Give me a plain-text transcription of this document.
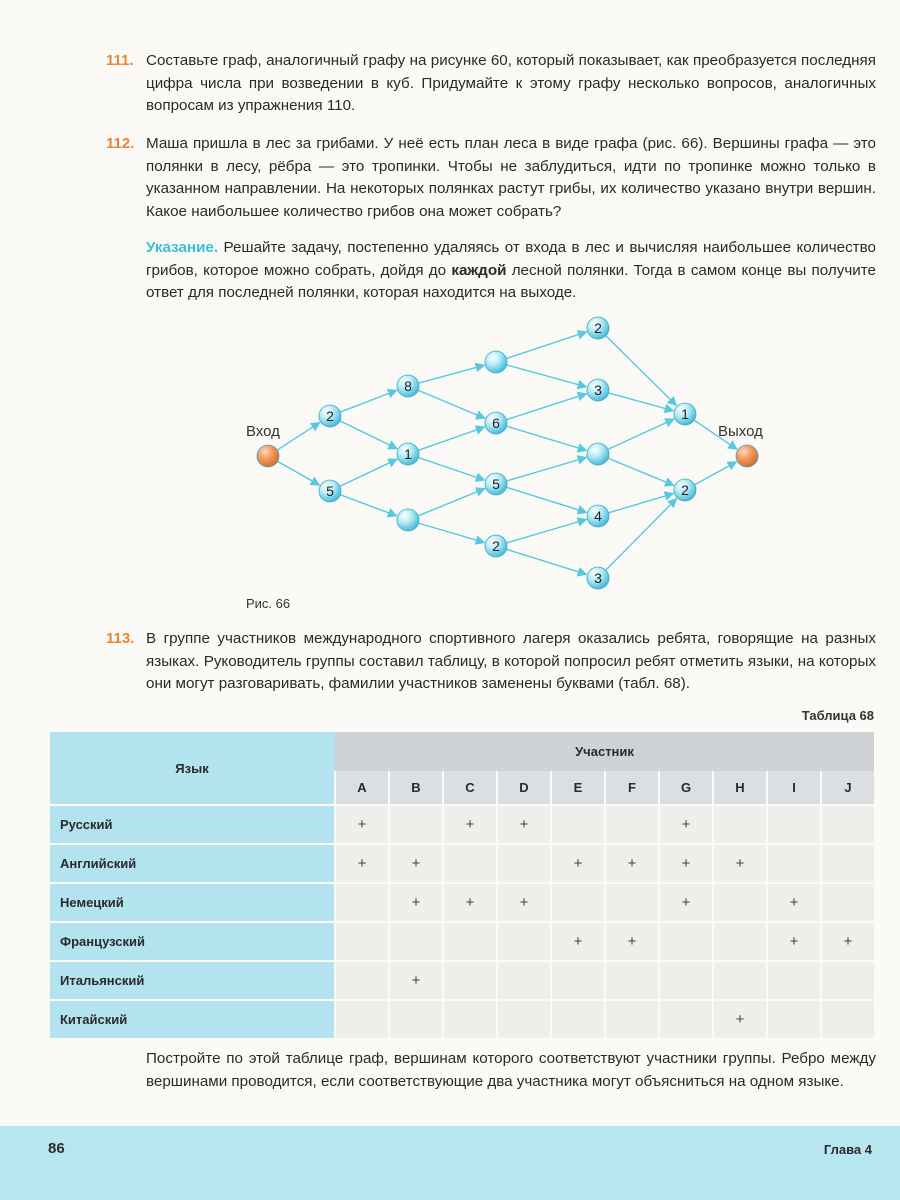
111. Составьте граф, аналогичный графу на рисунке 60, который показывает, как преобразуется последняя цифра числа при возведении в куб. Придумайте к этому графу несколько вопросов, аналогичных вопросам из упражнения 110.

112. Маша пришла в лес за грибами. У неё есть план леса в виде графа (рис. 66). Вершины графа — это полянки в лесу, рёбра — это тропинки. Чтобы не заблудиться, идти по тропинке можно только в указанном направлении. На некоторых полянках растут грибы, их количество указано внутри вершин. Какое наибольшее количество грибов она может собрать?

Указание. Решайте задачу, постепенно удаляясь от входа в лес и вычисляя наибольшее количество грибов, которое можно собрать, дойдя до каждой лесной полянки. Тогда в самом конце вы получите ответ для последней полянки, которая находится на выходе.

2
5
8
1
6
5
2
2
3
4
3
1
2
Вход	Выход
Рис. 66
113. В группе участников международного спортивного лагеря оказались ребята, говорящие на разных языках. Руководитель группы составил таблицу, в которой попросил ребят отметить языки, на которых они могут разговаривать, фамилии участников заменены буквами (табл. 68).

Таблица 68
Язык	Участник									
	A	B	C	D	E	F	G	H	I	J
Русский	+		+	+			+			
Английский	+	+			+	+	+	+		
Немецкий		+	+	+			+		+	
Французский					+	+			+	+
Итальянский		+								
Китайский								+		

Постройте по этой таблице граф, вершинам которого соответствуют участники группы. Ребро между вершинами проводится, если соответствующие два участника могут объясниться на одном языке.

86	Глава 4
